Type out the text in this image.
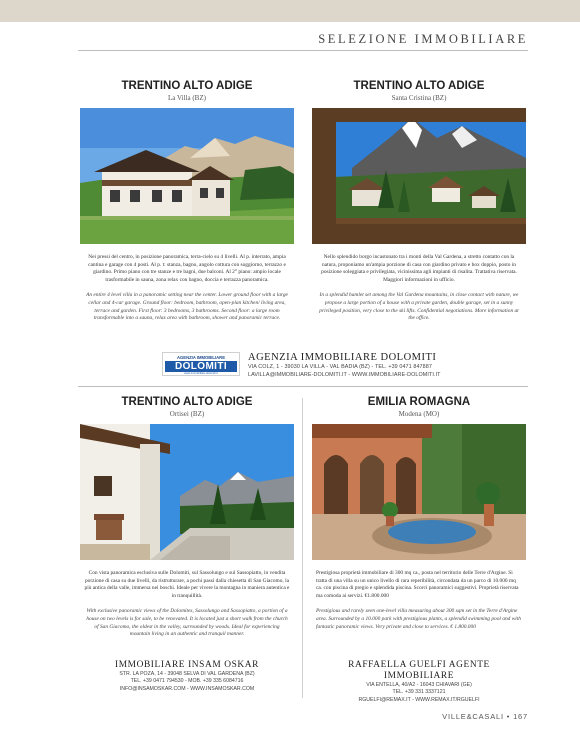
SELEZIONE IMMOBILIARE
TRENTINO ALTO ADIGE
La Villa (BZ)
Nei pressi del centro, in posizione panoramica, terra-cielo su 4 livelli. Al p. interrato, ampia cantina e garage con 4 posti. Al p. t: stanza, bagno, angolo cottura con soggiorno, terrazzo e giardino. Primo piano con tre stanze e tre bagni, due balconi. Al 2° piano: ampio locale trasformabile in sauna, zona relax con bagno, doccia e terrazza panoramica.
An entire 4 level villa in a panoramic setting near the center. Lower ground floor with a large cellar and 4-car garage. Ground floor: bedroom, bathroom, open-plan kitchen/ living area, terrace and garden. First floor: 3 bedrooms, 3 bathrooms. Second floor: a large room transformable into a sauna, relax area with bathroom, shower and panoramic terrace.
TRENTINO ALTO ADIGE
Santa Cristina (BZ)
Nello splendido borgo incastonato tra i monti della Val Gardena, a stretto contatto con la natura, proponiamo un'ampia porzione di casa con giardino privato e box doppio, posto in posizione soleggiata e privilegiata, vicinissima agli impianti di risalita. Trattativa riservata. Maggiori informazioni in ufficio.
In a splendid hamlet set among the Val Gardena mountains, in close contact with nature, we propose a large portion of a house with a private garden, double garage, set in a sunny privileged position, very close to the ski lifts. Confidential negotiations. More information at the office.
AGENZIA IMMOBILIARE
DOLOMITI
www.immobiliare-dolomiti.it
AGENZIA IMMOBILIARE DOLOMITI
VIA COLZ, 1 - 39030 LA VILLA - VAL BADIA (BZ) - TEL. +39 0471 847887
LAVILLA@IMMOBILIARE-DOLOMITI.IT - WWW.IMMOBILIARE-DOLOMITI.IT
TRENTINO ALTO ADIGE
Ortisei (BZ)
Con vista panoramica esclusiva sulle Dolomiti, sul Sassolungo e sul Sassopiatto, in vendita porzione di casa su due livelli, da ristrutturare, a pochi passi dalla chiesetta di San Giacomo, la più antica della valle, immersa nei boschi. Ideale per vivere la montagna in maniera autentica e in tranquillità.
With exclusive panoramic views of the Dolomites, Sassolungo and Sassopiatto, a portion of a house on two levels is for sale, to be renovated. It is located just a short walk from the church of San Giacomo, the oldest in the valley, surrounded by woods. Ideal for experiencing mountain living in an authentic and tranquil manner.
EMILIA ROMAGNA
Modena (MO)
Prestigiosa proprietà immobiliare di 300 mq ca., posta nel territorio delle Terre d'Argine. Si tratta di una villa su un unico livello di rara reperibilità, circondata da un parco di 10.000 mq ca. con piscina di pregio e splendida piscina. Scorci panoramici suggestivi. Proprietà riservata ma comoda ai servizi. €1.800.000
Prestigious and rarely seen one-level villa measuring about 300 sqm set in the Terre d'Argine area. Surrounded by a 10.000 park with prestigious plants, a splendid swimming pool and with fantastic panoramic views. Very private and close to services. € 1.800.000
IMMOBILIARE INSAM OSKAR
STR. LA POZA, 14 - 39048 SELVA DI VAL GARDENA (BZ)
TEL. +39 0471 794530 - MOB. +39 335 6084716
INFO@INSAMOSKAR.COM - WWW.INSAMOSKAR.COM
RAFFAELLA GUELFI AGENTE IMMOBILIARE
VIA ENTELLA, 40/A2 - 16043 CHIAVARI (GE)
TEL. +39 331 3337121
RGUELFI@REMAX.IT - WWW.REMAX.IT/RGUELFI
VILLE&CASALI • 167
